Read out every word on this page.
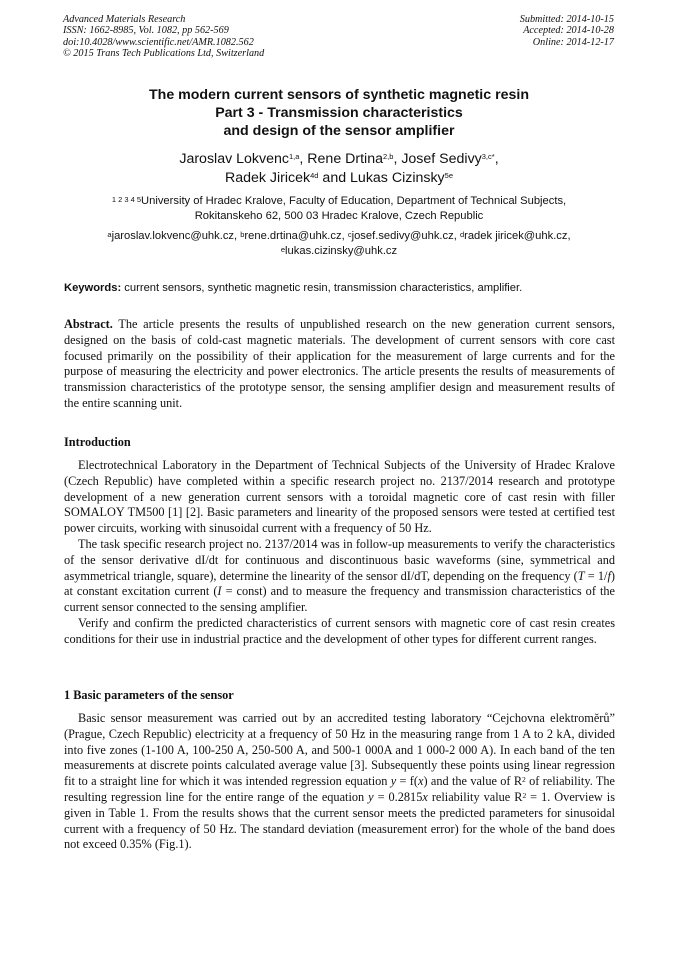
Advanced Materials Research
ISSN: 1662-8985, Vol. 1082, pp 562-569
doi:10.4028/www.scientific.net/AMR.1082.562
© 2015 Trans Tech Publications Ltd, Switzerland
Submitted: 2014-10-15
Accepted: 2014-10-28
Online: 2014-12-17
The modern current sensors of synthetic magnetic resin
Part 3 - Transmission characteristics
and design of the sensor amplifier
Jaroslav Lokvenc$^{1,a}$, Rene Drtina$^{2,b}$, Josef Sedivy$^{3,c*}$,
Radek Jiricek$^{4d}$ and Lukas Cizinsky$^{5e}$
$^{1 2 3 4 5}$University of Hradec Kralove, Faculty of Education, Department of Technical Subjects,
Rokitanskeho 62, 500 03 Hradec Kralove, Czech Republic
$^a$jaroslav.lokvenc@uhk.cz, $^b$rene.drtina@uhk.cz, $^c$josef.sedivy@uhk.cz, $^d$radek jiricek@uhk.cz,
$^e$lukas.cizinsky@uhk.cz
Keywords: current sensors, synthetic magnetic resin, transmission characteristics, amplifier.

Abstract. The article presents the results of unpublished research on the new generation current sensors, designed on the basis of cold-cast magnetic materials. The development of current sensors with core cast focused primarily on the possibility of their application for the measurement of large currents and for the purpose of measuring the electricity and power electronics. The article presents the results of measurements of transmission characteristics of the prototype sensor, the sensing amplifier design and measurement results of the entire scanning unit.

Introduction

Electrotechnical Laboratory in the Department of Technical Subjects of the University of Hradec Kralove (Czech Republic) have completed within a specific research project no. 2137/2014 research and prototype development of a new generation current sensors with a toroidal magnetic core of cast resin with filler SOMALOY TM500 [1] [2]. Basic parameters and linearity of the proposed sensors were tested at certified test power circuits, working with sinusoidal current with a frequency of 50 Hz.

The task specific research project no. 2137/2014 was in follow-up measurements to verify the characteristics of the sensor derivative dI/dt for continuous and discontinuous basic waveforms (sine, symmetrical and asymmetrical triangle, square), determine the linearity of the sensor dI/dT, depending on the frequency (T = 1/f) at constant excitation current (I = const) and to measure the frequency and transmission characteristics of the current sensor connected to the sensing amplifier.

Verify and confirm the predicted characteristics of current sensors with magnetic core of cast resin creates conditions for their use in industrial practice and the development of other types for different current ranges.

1 Basic parameters of the sensor

Basic sensor measurement was carried out by an accredited testing laboratory “Cejchovna elektroměrů” (Prague, Czech Republic) electricity at a frequency of 50 Hz in the measuring range from 1 A to 2 kA, divided into five zones (1-100 A, 100-250 A, 250-500 A, and 500-1 000A and 1 000-2 000 A). In each band of the ten measurements at discrete points calculated average value [3]. Subsequently these points using linear regression fit to a straight line for which it was intended regression equation y = f(x) and the value of $R^2$ of reliability. The resulting regression line for the entire range of the equation y = 0.2815x reliability value $R^2 = 1$. Overview is given in Table 1. From the results shows that the current sensor meets the predicted parameters for sinusoidal current with a frequency of 50 Hz. The standard deviation (measurement error) for the whole of the band does not exceed 0.35% (Fig.1).
